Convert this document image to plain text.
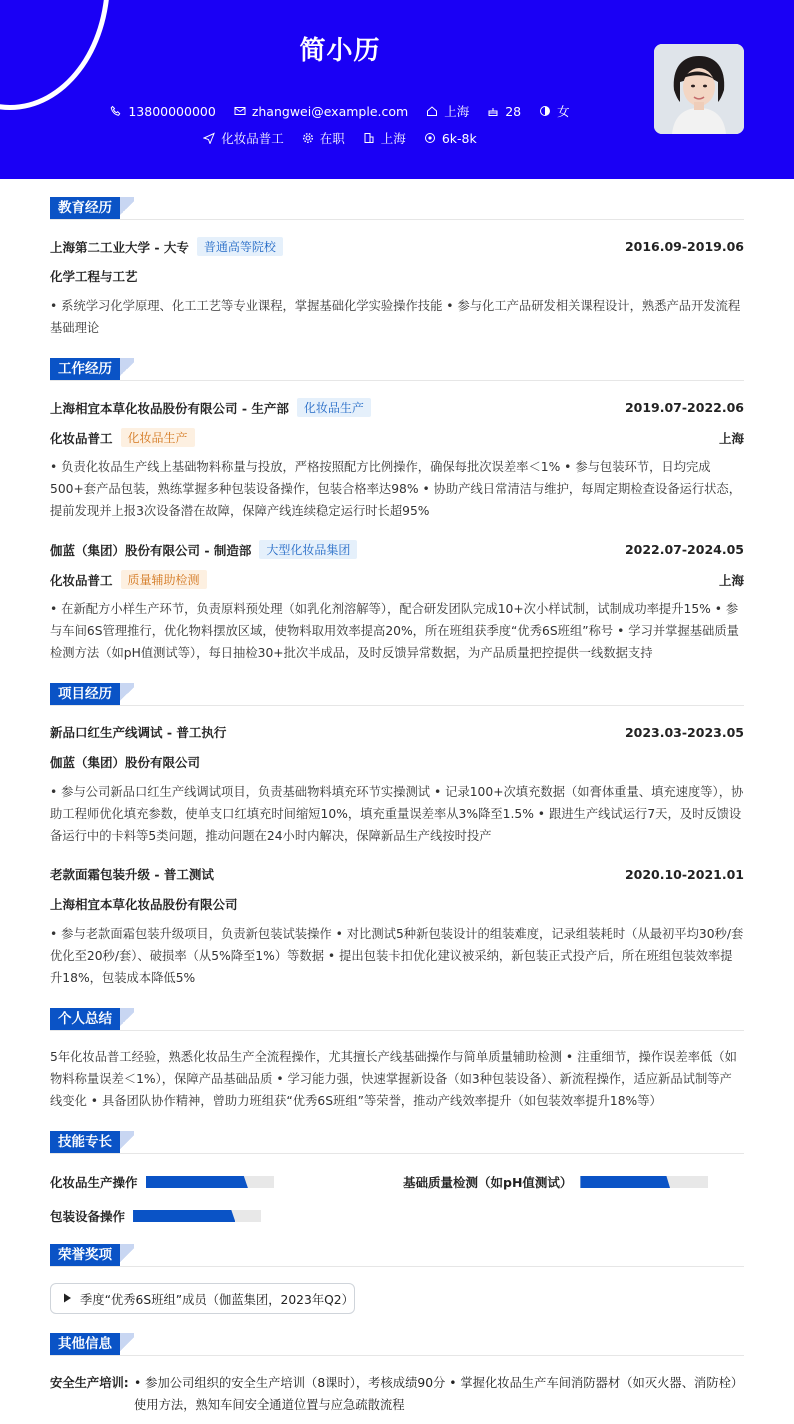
简小历
13800000000	zhangwei@example.com	上海	28	女
化妆品普工	在职	上海	6k-8k
教育经历
上海第二工业大学 - 大专	普通高等院校	2016.09-2019.06
化学工程与工艺
• 系统学习化学原理、化工工艺等专业课程，掌握基础化学实验操作技能 • 参与化工产品研发相关课程设计，熟悉产品开发流程基础理论
工作经历
上海相宜本草化妆品股份有限公司 - 生产部	化妆品生产	2019.07-2022.06
化妆品普工	化妆品生产	上海
• 负责化妆品生产线上基础物料称量与投放，严格按照配方比例操作，确保每批次误差率＜1% • 参与包装环节，日均完成500+套产品包装，熟练掌握多种包装设备操作，包装合格率达98% • 协助产线日常清洁与维护，每周定期检查设备运行状态，提前发现并上报3次设备潜在故障，保障产线连续稳定运行时长超95%
伽蓝（集团）股份有限公司 - 制造部	大型化妆品集团	2022.07-2024.05
化妆品普工	质量辅助检测	上海
• 在新配方小样生产环节，负责原料预处理（如乳化剂溶解等），配合研发团队完成10+次小样试制，试制成功率提升15% • 参与车间6S管理推行，优化物料摆放区域，使物料取用效率提高20%，所在班组获季度“优秀6S班组”称号 • 学习并掌握基础质量检测方法（如pH值测试等），每日抽检30+批次半成品，及时反馈异常数据，为产品质量把控提供一线数据支持
项目经历
新品口红生产线调试 - 普工执行	2023.03-2023.05
伽蓝（集团）股份有限公司
• 参与公司新品口红生产线调试项目，负责基础物料填充环节实操测试 • 记录100+次填充数据（如膏体重量、填充速度等），协助工程师优化填充参数，使单支口红填充时间缩短10%，填充重量误差率从3%降至1.5% • 跟进生产线试运行7天，及时反馈设备运行中的卡料等5类问题，推动问题在24小时内解决，保障新品生产线按时投产
老款面霜包装升级 - 普工测试	2020.10-2021.01
上海相宜本草化妆品股份有限公司
• 参与老款面霜包装升级项目，负责新包装试装操作 • 对比测试5种新包装设计的组装难度，记录组装耗时（从最初平均30秒/套优化至20秒/套）、破损率（从5%降至1%）等数据 • 提出包装卡扣优化建议被采纳，新包装正式投产后，所在班组包装效率提升18%，包装成本降低5%
个人总结
5年化妆品普工经验，熟悉化妆品生产全流程操作，尤其擅长产线基础操作与简单质量辅助检测 • 注重细节，操作误差率低（如物料称量误差＜1%），保障产品基础品质 • 学习能力强，快速掌握新设备（如3种包装设备）、新流程操作，适应新品试制等产线变化 • 具备团队协作精神，曾助力班组获“优秀6S班组”等荣誉，推动产线效率提升（如包装效率提升18%等）
技能专长
化妆品生产操作	基础质量检测（如pH值测试）
包装设备操作
荣誉奖项
季度“优秀6S班组”成员（伽蓝集团，2023年Q2）
其他信息
安全生产培训: • 参加公司组织的安全生产培训（8课时），考核成绩90分 • 掌握化妆品生产车间消防器材（如灭火器、消防栓）使用方法，熟知车间安全通道位置与应急疏散流程
